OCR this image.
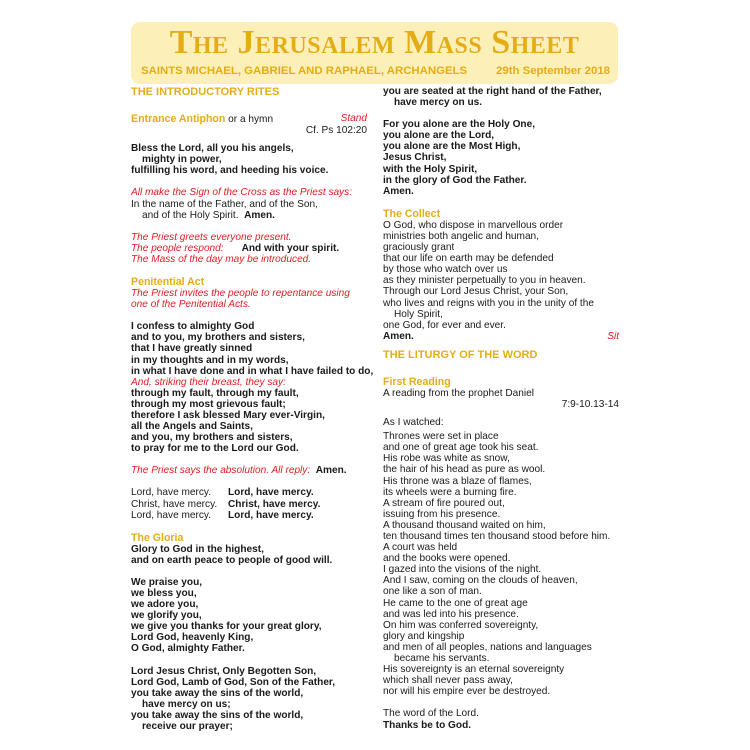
The Jerusalem Mass Sheet
SAINTS MICHAEL, GABRIEL AND RAPHAEL, ARCHANGELS	29th September 2018
THE INTRODUCTORY RITES
Entrance Antiphon or a hymn	Stand
Cf. Ps 102:20
Bless the Lord, all you his angels,
mighty in power,
fulfilling his word, and heeding his voice.
All make the Sign of the Cross as the Priest says:
In the name of the Father, and of the Son,
and of the Holy Spirit. Amen.
The Priest greets everyone present.
The people respond: And with your spirit.
The Mass of the day may be introduced.
Penitential Act
The Priest invites the people to repentance using
one of the Penitential Acts.
I confess to almighty God
and to you, my brothers and sisters,
that I have greatly sinned
in my thoughts and in my words,
in what I have done and in what I have failed to do,
And, striking their breast, they say:
through my fault, through my fault,
through my most grievous fault;
therefore I ask blessed Mary ever-Virgin,
all the Angels and Saints,
and you, my brothers and sisters,
to pray for me to the Lord our God.
The Priest says the absolution. All reply: Amen.
Lord, have mercy.	Lord, have mercy.
Christ, have mercy.	Christ, have mercy.
Lord, have mercy.	Lord, have mercy.
The Gloria
Glory to God in the highest,
and on earth peace to people of good will.
We praise you,
we bless you,
we adore you,
we glorify you,
we give you thanks for your great glory,
Lord God, heavenly King,
O God, almighty Father.
Lord Jesus Christ, Only Begotten Son,
Lord God, Lamb of God, Son of the Father,
you take away the sins of the world,
have mercy on us;
you take away the sins of the world,
receive our prayer;
you are seated at the right hand of the Father,
have mercy on us.
For you alone are the Holy One,
you alone are the Lord,
you alone are the Most High,
Jesus Christ,
with the Holy Spirit,
in the glory of God the Father.
Amen.
The Collect
O God, who dispose in marvellous order
ministries both angelic and human,
graciously grant
that our life on earth may be defended
by those who watch over us
as they minister perpetually to you in heaven.
Through our Lord Jesus Christ, your Son,
who lives and reigns with you in the unity of the
Holy Spirit,
one God, for ever and ever.
Amen.	Sit
THE LITURGY OF THE WORD
First Reading
A reading from the prophet Daniel
7:9-10.13-14
As I watched:
Thrones were set in place
and one of great age took his seat.
His robe was white as snow,
the hair of his head as pure as wool.
His throne was a blaze of flames,
its wheels were a burning fire.
A stream of fire poured out,
issuing from his presence.
A thousand thousand waited on him,
ten thousand times ten thousand stood before him.
A court was held
and the books were opened.
I gazed into the visions of the night.
And I saw, coming on the clouds of heaven,
one like a son of man.
He came to the one of great age
and was led into his presence.
On him was conferred sovereignty,
glory and kingship
and men of all peoples, nations and languages
became his servants.
His sovereignty is an eternal sovereignty
which shall never pass away,
nor will his empire ever be destroyed.
The word of the Lord.
Thanks be to God.
